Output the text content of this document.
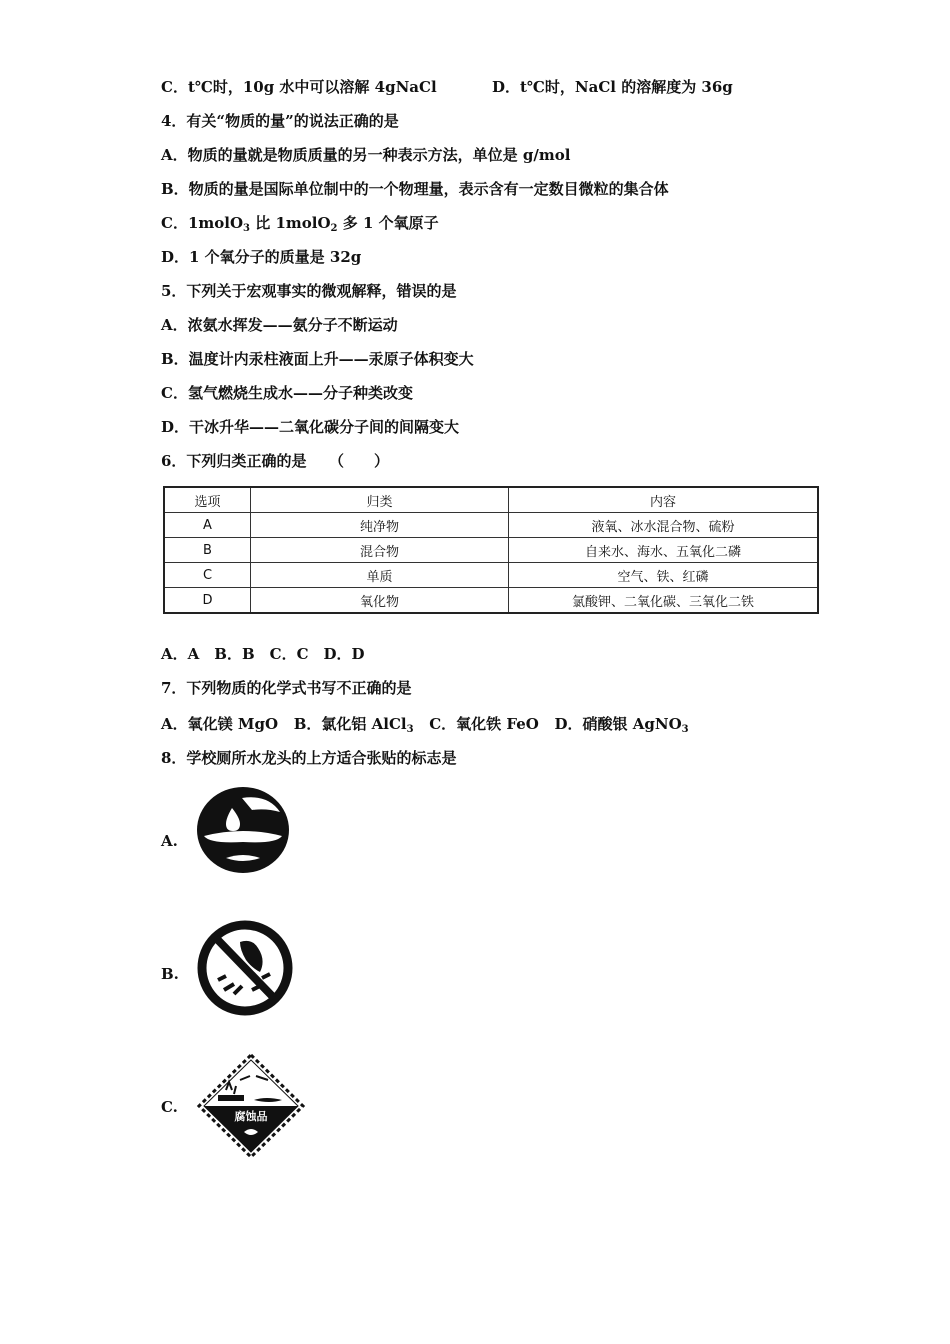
C．t℃时，10g 水中可以溶解 4gNaCl	D．t℃时，NaCl 的溶解度为 36g
4．有关“物质的量”的说法正确的是
A．物质的量就是物质质量的另一种表示方法，单位是 g/mol
B．物质的量是国际单位制中的一个物理量，表示含有一定数目微粒的集合体
C．1molO$_3$ 比 1molO$_2$ 多 1 个氧原子
D．1 个氧分子的质量是 32g
5．下列关于宏观事实的微观解释，错误的是
A．浓氨水挥发——氨分子不断运动
B．温度计内汞柱液面上升——汞原子体积变大
C．氢气燃烧生成水——分子种类改变
D．干冰升华——二氧化碳分子间的间隔变大
6．下列归类正确的是　　（　　）
选项	归类	内容
A	纯净物	液氧、冰水混合物、硫粉
B	混合物	自来水、海水、五氧化二磷
C	单质	空气、铁、红磷
D	氧化物	氯酸钾、二氧化碳、三氧化二铁
A．A　B．B　C．C　D．D
7．下列物质的化学式书写不正确的是
A．氧化镁 MgO B．氯化铝 AlCl$_3$ C．氧化铁 FeO D．硝酸银 AgNO$_3$
8．学校厕所水龙头的上方适合张贴的标志是
A.
B.
C.
腐蚀品
